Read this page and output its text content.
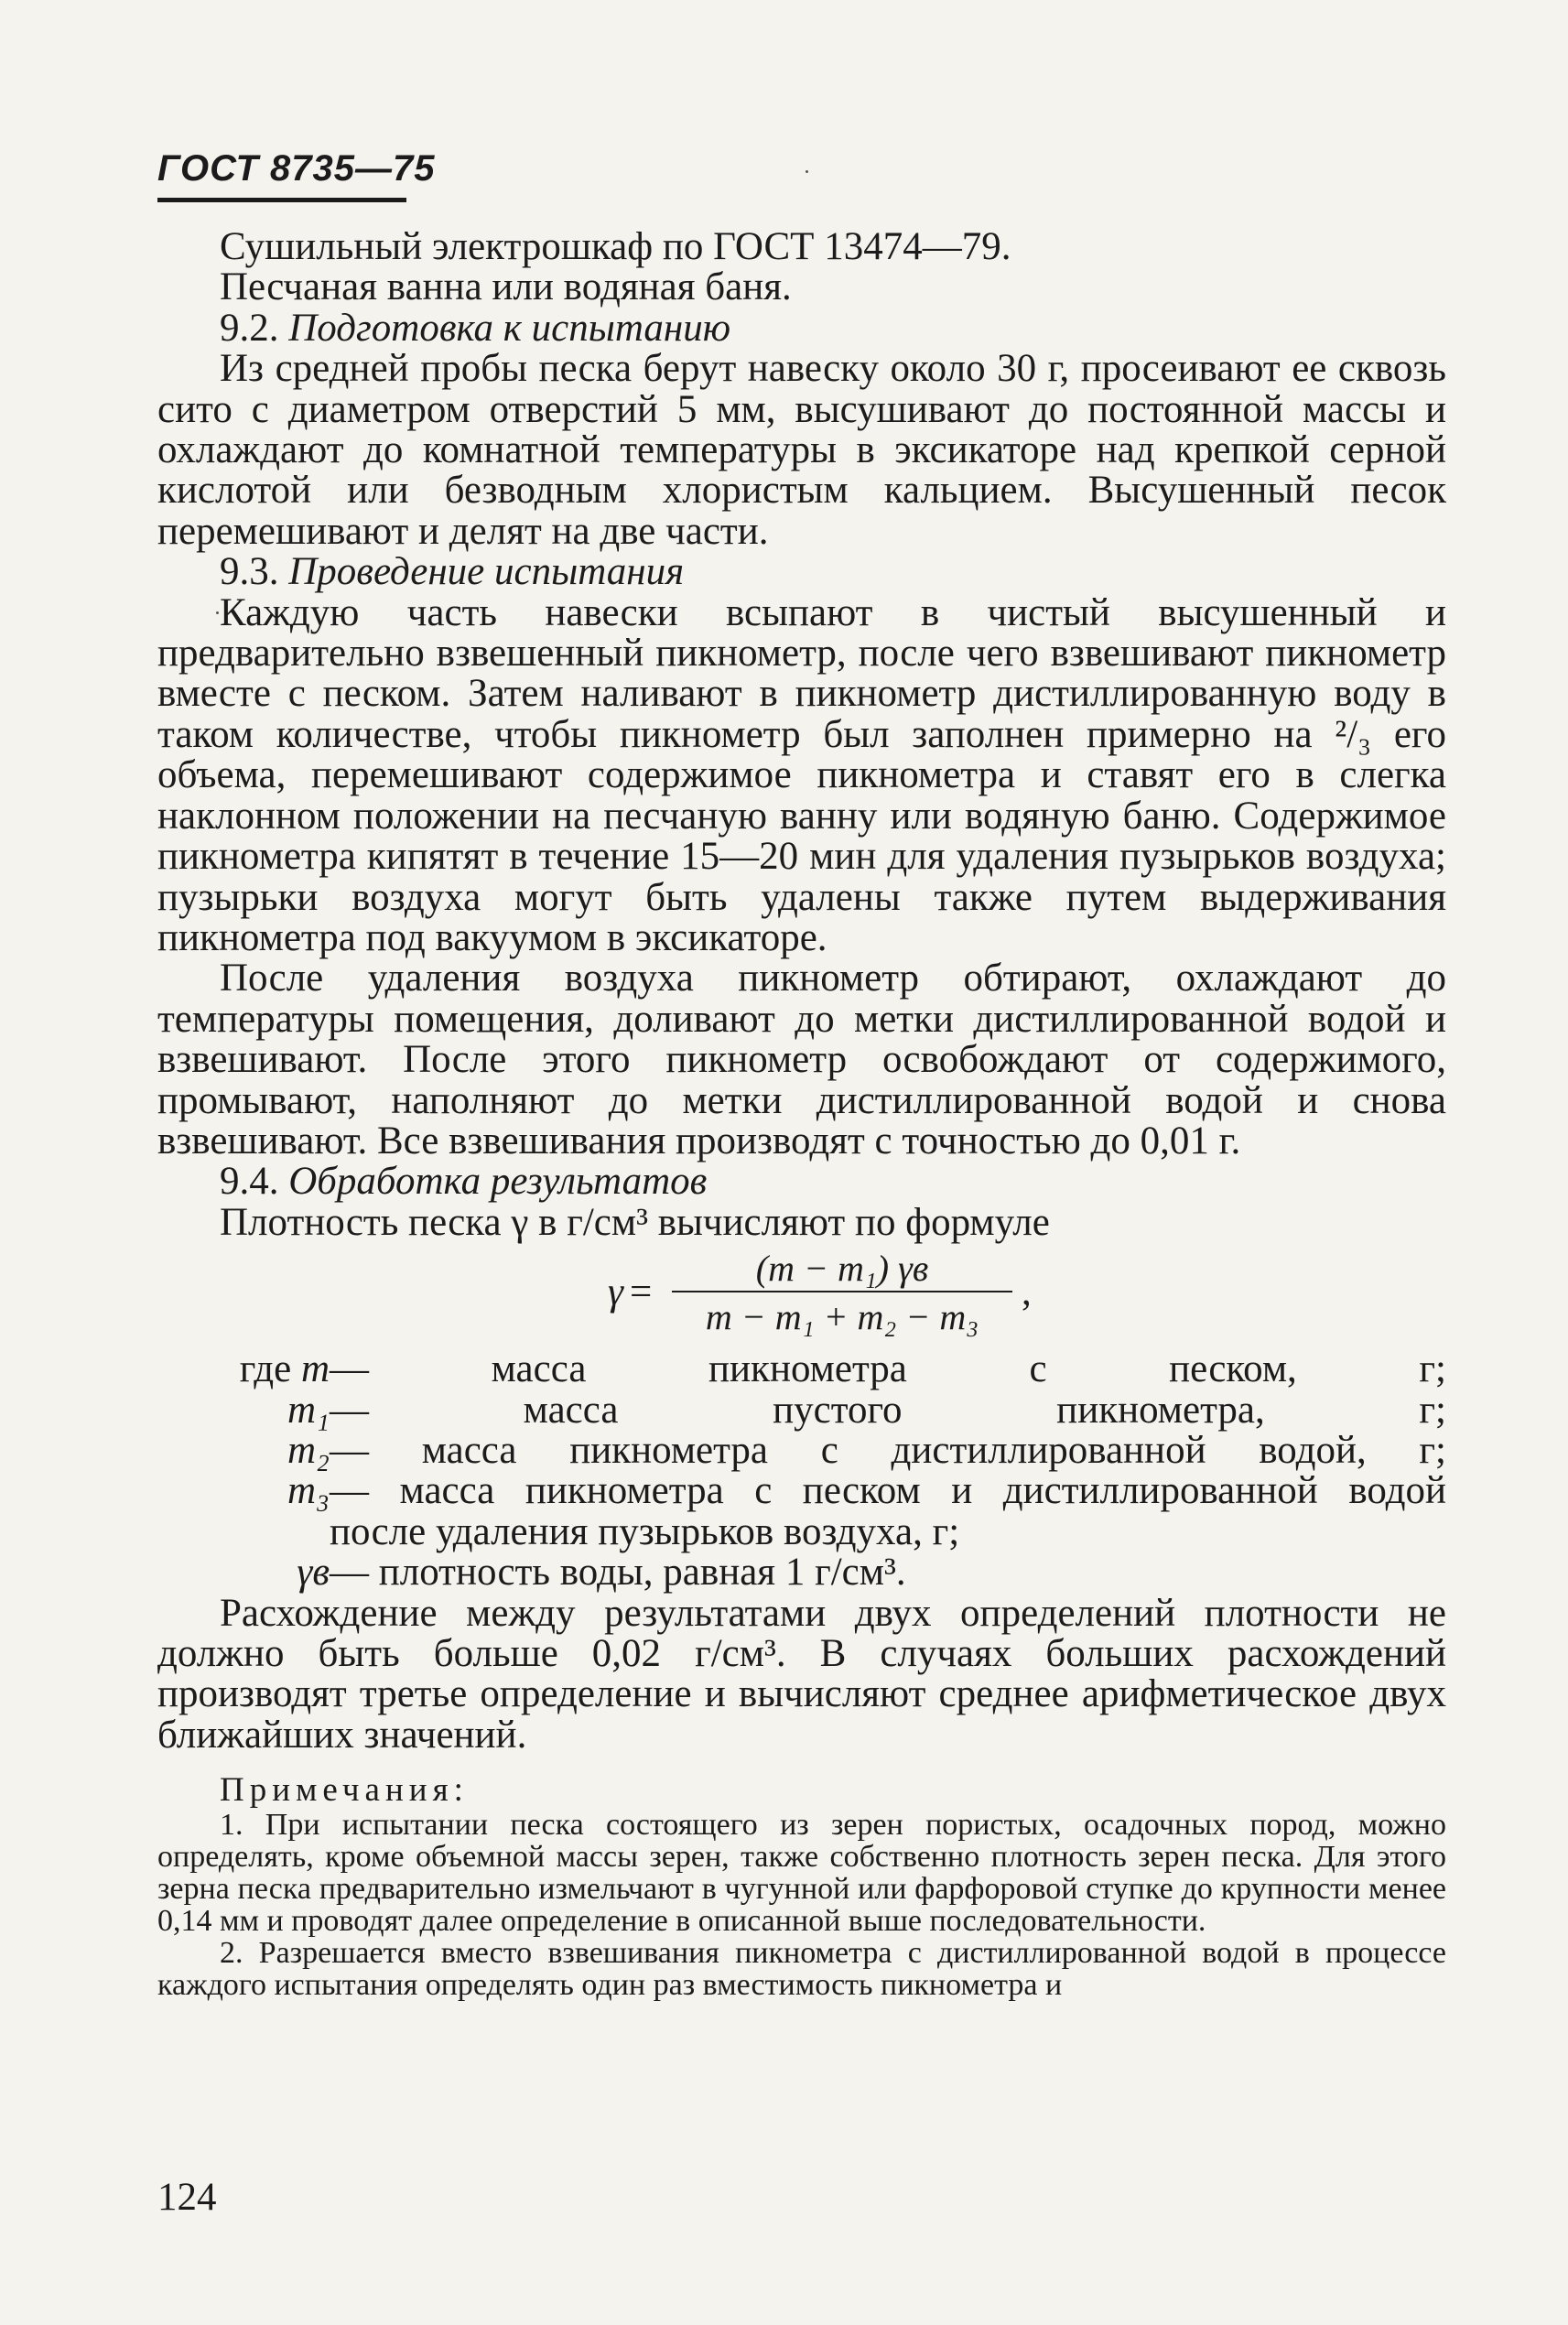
ГОСТ 8735—75

Сушильный электрошкаф по ГОСТ 13474—79.

Песчаная ванна или водяная баня.

9.2. Подготовка к испытанию

Из средней пробы песка берут навеску около 30 г, просеивают ее сквозь сито с диаметром отверстий 5 мм, высушивают до постоянной массы и охлаждают до комнатной температуры в эксикаторе над крепкой серной кислотой или безводным хлористым кальцием. Высушенный песок перемешивают и делят на две части.

9.3. Проведение испытания

Каждую часть навески всыпают в чистый высушенный и предварительно взвешенный пикнометр, после чего взвешивают пикнометр вместе с песком. Затем наливают в пикнометр дистиллированную воду в таком количестве, чтобы пикнометр был заполнен примерно на ²/₃ его объема, перемешивают содержимое пикнометра и ставят его в слегка наклонном положении на песчаную ванну или водяную баню. Содержимое пикнометра кипятят в течение 15—20 мин для удаления пузырьков воздуха; пузырьки воздуха могут быть удалены также путем выдерживания пикнометра под вакуумом в эксикаторе.

После удаления воздуха пикнометр обтирают, охлаждают до температуры помещения, доливают до метки дистиллированной водой и взвешивают. После этого пикнометр освобождают от содержимого, промывают, наполняют до метки дистиллированной водой и снова взвешивают. Все взвешивания производят с точностью до 0,01 г.

9.4. Обработка результатов

Плотность песка γ в г/см³ вычисляют по формуле

γ =
(m − m₁) γв
m − m₁ + m₂ − m₃
,
где m — масса пикнометра с песком, г;
m₁ — масса пустого пикнометра, г;
m₂ — масса пикнометра с дистиллированной водой, г;
m₃ — масса пикнометра с песком и дистиллированной водой
после удаления пузырьков воздуха, г;
γв — плотность воды, равная 1 г/см³.

Расхождение между результатами двух определений плотности не должно быть больше 0,02 г/см³. В случаях больших расхождений производят третье определение и вычисляют среднее арифметическое двух ближайших значений.

Примечания:

1. При испытании песка состоящего из зерен пористых, осадочных пород, можно определять, кроме объемной массы зерен, также собственно плотность зерен песка. Для этого зерна песка предварительно измельчают в чугунной или фарфоровой ступке до крупности менее 0,14 мм и проводят далее определение в описанной выше последовательности.

2. Разрешается вместо взвешивания пикнометра с дистиллированной водой в процессе каждого испытания определять один раз вместимость пикнометра и

124
